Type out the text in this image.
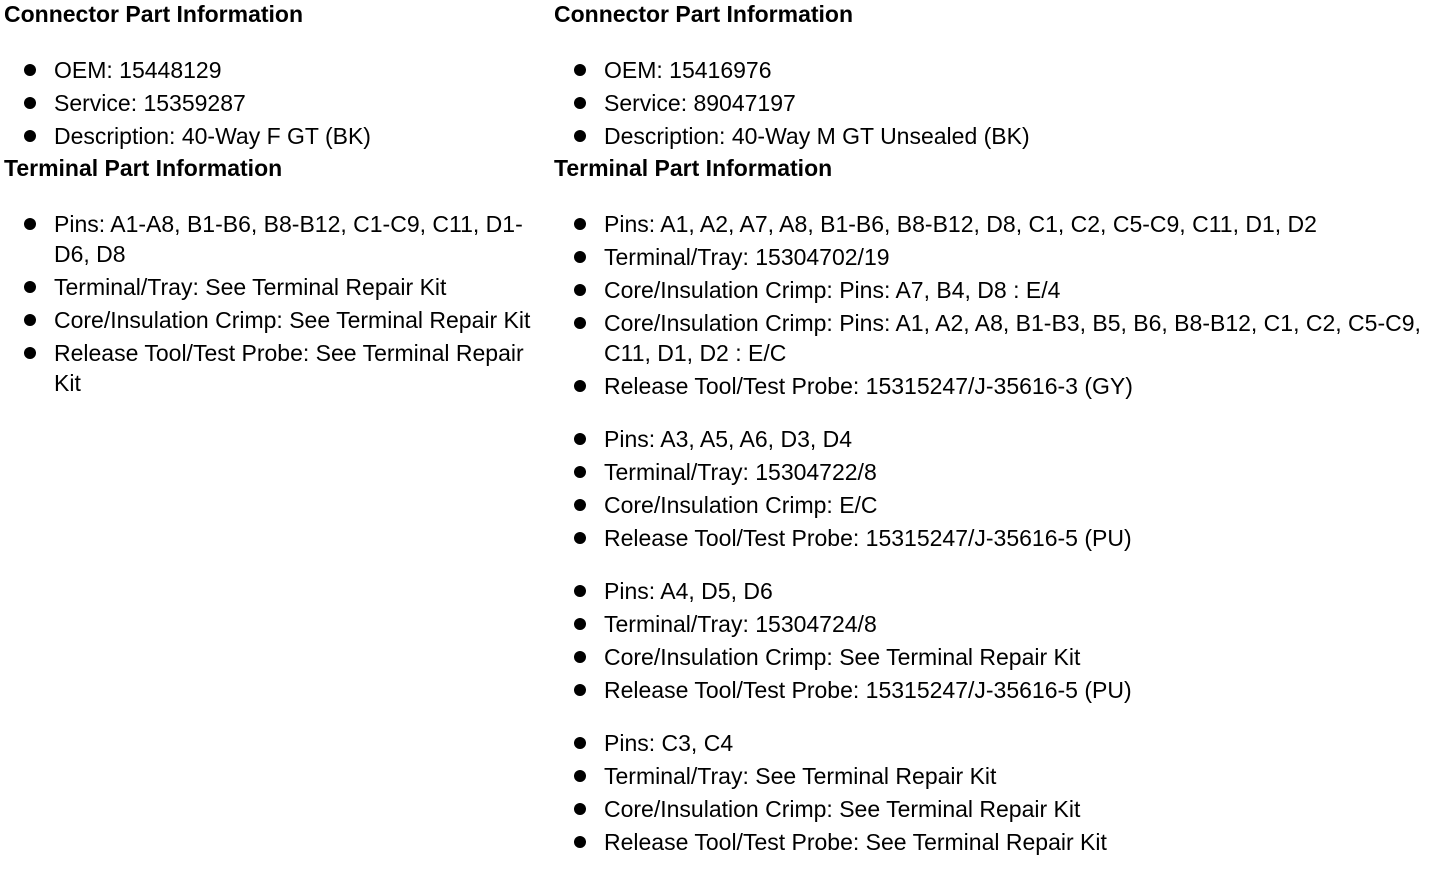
Connector Part Information
OEM: 15448129
Service: 15359287
Description: 40-Way F GT (BK)
Terminal Part Information
Pins: A1-A8, B1-B6, B8-B12, C1-C9, C11, D1-D6, D8
Terminal/Tray: See Terminal Repair Kit
Core/Insulation Crimp: See Terminal Repair Kit
Release Tool/Test Probe: See Terminal Repair Kit
Connector Part Information
OEM: 15416976
Service: 89047197
Description: 40-Way M GT Unsealed (BK)
Terminal Part Information
Pins: A1, A2, A7, A8, B1-B6, B8-B12, D8, C1, C2, C5-C9, C11, D1, D2
Terminal/Tray: 15304702/19
Core/Insulation Crimp: Pins: A7, B4, D8 : E/4
Core/Insulation Crimp: Pins: A1, A2, A8, B1-B3, B5, B6, B8-B12, C1, C2, C5-C9, C11, D1, D2 : E/C
Release Tool/Test Probe: 15315247/J-35616-3 (GY)
Pins: A3, A5, A6, D3, D4
Terminal/Tray: 15304722/8
Core/Insulation Crimp: E/C
Release Tool/Test Probe: 15315247/J-35616-5 (PU)
Pins: A4, D5, D6
Terminal/Tray: 15304724/8
Core/Insulation Crimp: See Terminal Repair Kit
Release Tool/Test Probe: 15315247/J-35616-5 (PU)
Pins: C3, C4
Terminal/Tray: See Terminal Repair Kit
Core/Insulation Crimp: See Terminal Repair Kit
Release Tool/Test Probe: See Terminal Repair Kit
